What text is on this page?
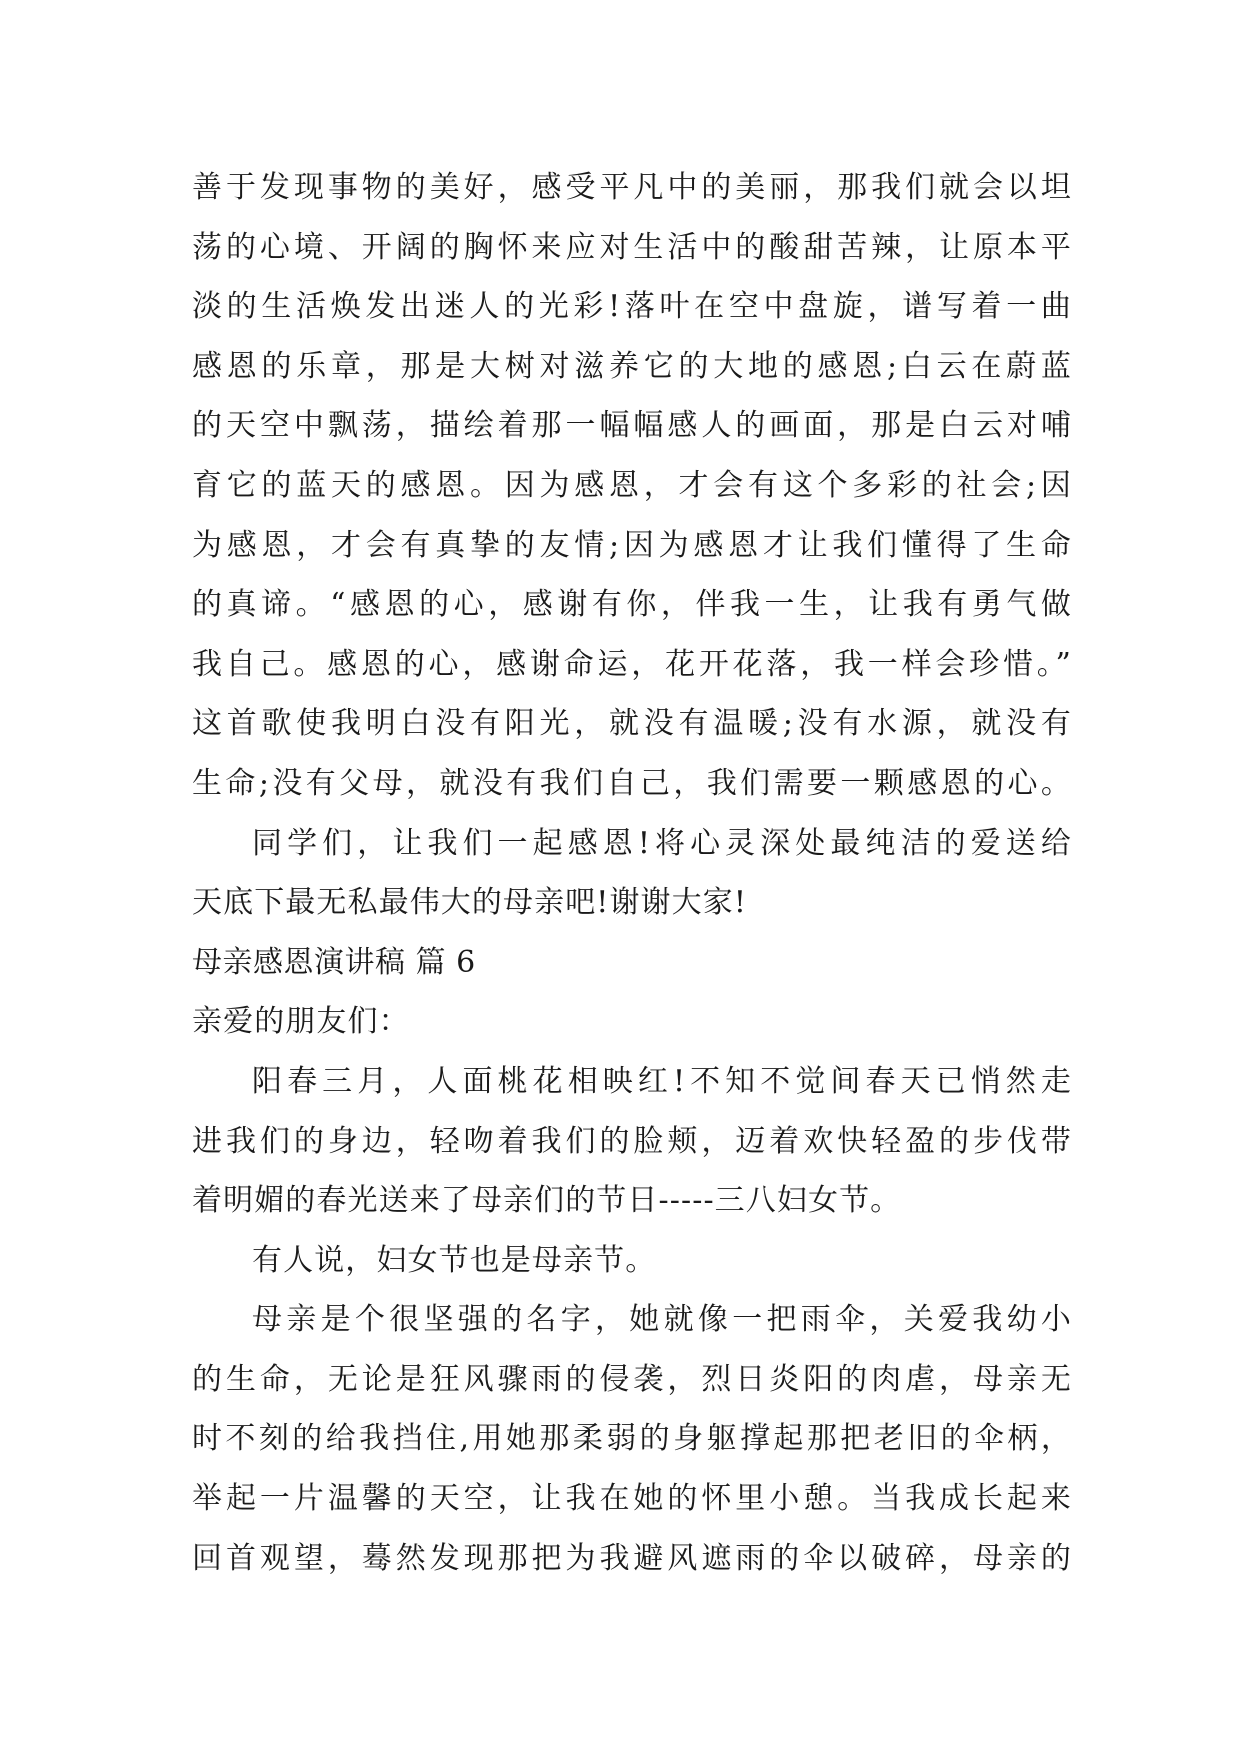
善于发现事物的美好，感受平凡中的美丽，那我们就会以坦
荡的心境、开阔的胸怀来应对生活中的酸甜苦辣，让原本平
淡的生活焕发出迷人的光彩!落叶在空中盘旋，谱写着一曲
感恩的乐章，那是大树对滋养它的大地的感恩;白云在蔚蓝
的天空中飘荡，描绘着那一幅幅感人的画面，那是白云对哺
育它的蓝天的感恩。因为感恩，才会有这个多彩的社会;因
为感恩，才会有真挚的友情;因为感恩才让我们懂得了生命
的真谛。“感恩的心，感谢有你，伴我一生，让我有勇气做
我自己。感恩的心，感谢命运，花开花落，我一样会珍惜。”
这首歌使我明白没有阳光，就没有温暖;没有水源，就没有
生命;没有父母，就没有我们自己，我们需要一颗感恩的心。
同学们，让我们一起感恩!将心灵深处最纯洁的爱送给
天底下最无私最伟大的母亲吧!谢谢大家!
母亲感恩演讲稿 篇 6
亲爱的朋友们：
阳春三月，人面桃花相映红!不知不觉间春天已悄然走
进我们的身边，轻吻着我们的脸颊，迈着欢快轻盈的步伐带
着明媚的春光送来了母亲们的节日-----三八妇女节。
有人说，妇女节也是母亲节。
母亲是个很坚强的名字，她就像一把雨伞，关爱我幼小
的生命，无论是狂风骤雨的侵袭，烈日炎阳的肉虐，母亲无
时不刻的给我挡住,用她那柔弱的身躯撑起那把老旧的伞柄，
举起一片温馨的天空，让我在她的怀里小憩。当我成长起来
回首观望，蓦然发现那把为我避风遮雨的伞以破碎，母亲的
